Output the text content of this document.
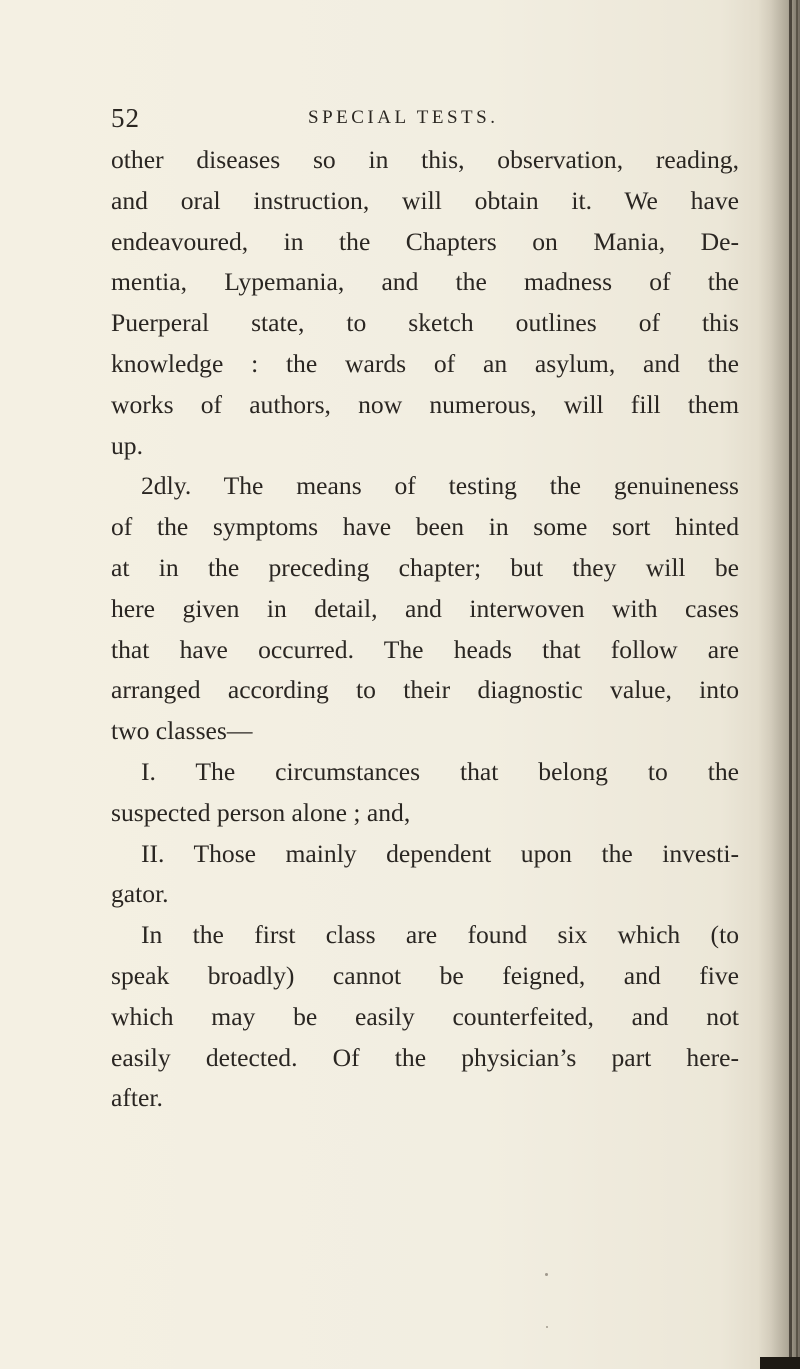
52	SPECIAL TESTS.
other diseases so in this, observation, reading,
and oral instruction, will obtain it. We have
endeavoured, in the Chapters on Mania, De-
mentia, Lypemania, and the madness of the
Puerperal state, to sketch outlines of this
knowledge : the wards of an asylum, and the
works of authors, now numerous, will fill them
up.
2dly. The means of testing the genuineness
of the symptoms have been in some sort hinted
at in the preceding chapter; but they will be
here given in detail, and interwoven with cases
that have occurred. The heads that follow are
arranged according to their diagnostic value, into
two classes—
I. The circumstances that belong to the
suspected person alone ; and,
II. Those mainly dependent upon the investi-
gator.
In the first class are found six which (to
speak broadly) cannot be feigned, and five
which may be easily counterfeited, and not
easily detected. Of the physician’s part here-
after.
